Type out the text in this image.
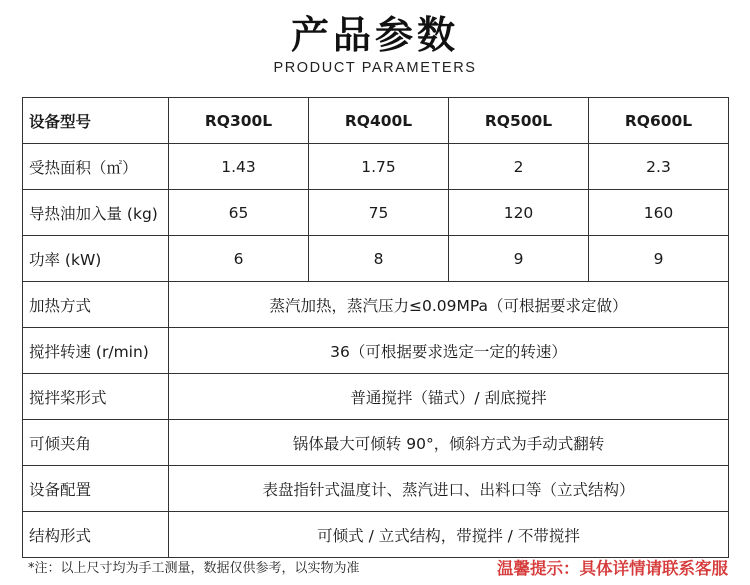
产品参数
PRODUCT PARAMETERS
设备型号	RQ300L	RQ400L	RQ500L	RQ600L
受热面积（㎡）	1.43	1.75	2	2.3
导热油加入量 (kg)	65	75	120	160
功率 (kW)	6	8	9	9
加热方式	蒸汽加热，蒸汽压力≤0.09MPa（可根据要求定做）			
搅拌转速 (r/min)	36（可根据要求选定一定的转速）			
搅拌桨形式	普通搅拌（锚式）/ 刮底搅拌			
可倾夹角	锅体最大可倾转 90°，倾斜方式为手动式翻转			
设备配置	表盘指针式温度计、蒸汽进口、出料口等（立式结构）			
结构形式	可倾式 / 立式结构，带搅拌 / 不带搅拌			
*注：以上尺寸均为手工测量，数据仅供参考，以实物为准	温馨提示：具体详情请联系客服
